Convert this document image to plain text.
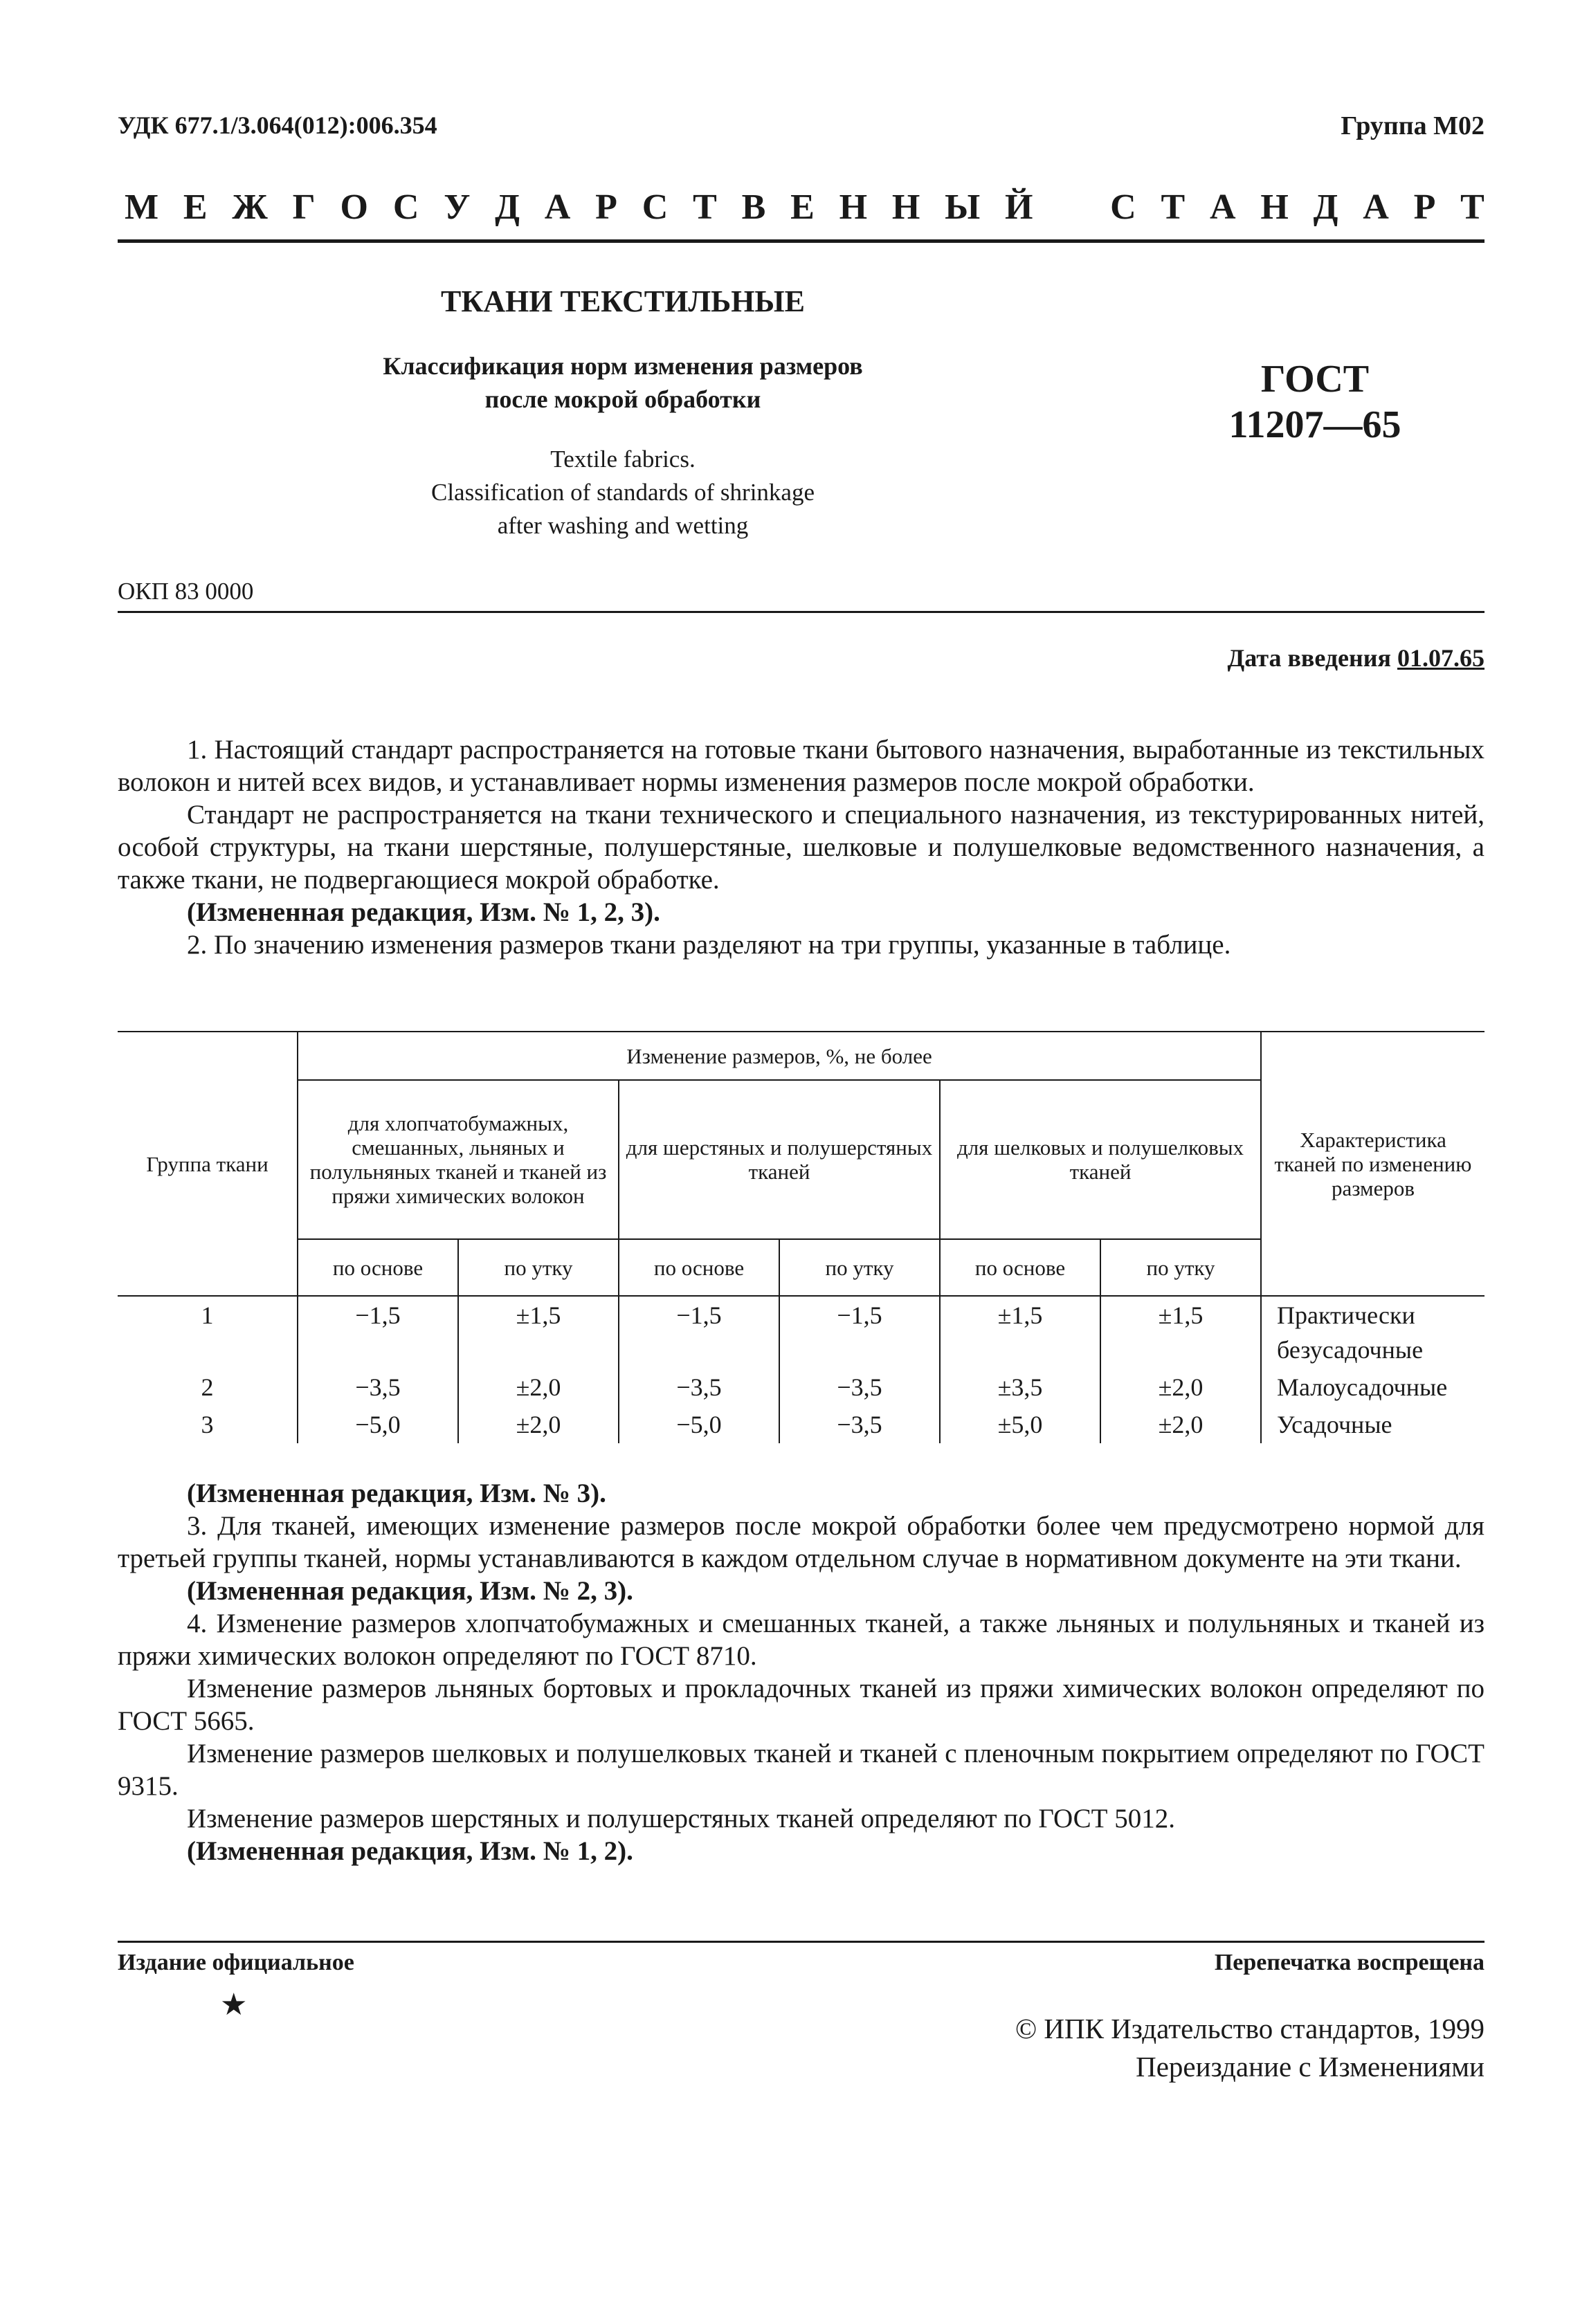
УДК 677.1/3.064(012):006.354	Группа М02
М Е Ж Г О С У Д А Р С Т В Е Н Н Ы Й С Т А Н Д А Р Т
ТКАНИ ТЕКСТИЛЬНЫЕ
Классификация норм изменения размеров
после мокрой обработки	ГОСТ
11207—65
Textile fabrics.
Classification of standards of shrinkage
after washing and wetting
ОКП 83 0000
Дата введения 01.07.65

1. Настоящий стандарт распространяется на готовые ткани бытового назначения, выработанные из текстильных волокон и нитей всех видов, и устанавливает нормы изменения размеров после мокрой обработки.

Стандарт не распространяется на ткани технического и специального назначения, из текстурированных нитей, особой структуры, на ткани шерстяные, полушерстяные, шелковые и полушелковые ведомственного назначения, а также ткани, не подвергающиеся мокрой обработке.

(Измененная редакция, Изм. № 1, 2, 3).

2. По значению изменения размеров ткани разделяют на три группы, указанные в таблице.

Группа ткани	Изменение размеров, %, не более						Характеристика тканей по изменению размеров
	для хлопчатобумажных, смешанных, льняных и полульняных тканей и тканей из пряжи химических волокон		для шерстяных и полушерстяных тканей		для шелковых и полушелковых тканей		
	по основе	по утку	по основе	по утку	по основе	по утку	
1	−1,5	±1,5	−1,5	−1,5	±1,5	±1,5	Практически безусадочные
2	−3,5	±2,0	−3,5	−3,5	±3,5	±2,0	Малоусадочные
3	−5,0	±2,0	−5,0	−3,5	±5,0	±2,0	Усадочные

(Измененная редакция, Изм. № 3).

3. Для тканей, имеющих изменение размеров после мокрой обработки более чем предусмотрено нормой для третьей группы тканей, нормы устанавливаются в каждом отдельном случае в нормативном документе на эти ткани.

(Измененная редакция, Изм. № 2, 3).

4. Изменение размеров хлопчатобумажных и смешанных тканей, а также льняных и полульняных и тканей из пряжи химических волокон определяют по ГОСТ 8710.

Изменение размеров льняных бортовых и прокладочных тканей из пряжи химических волокон определяют по ГОСТ 5665.

Изменение размеров шелковых и полушелковых тканей и тканей с пленочным покрытием определяют по ГОСТ 9315.

Изменение размеров шерстяных и полушерстяных тканей определяют по ГОСТ 5012.

(Измененная редакция, Изм. № 1, 2).

Издание официальное	Перепечатка воспрещена
★
© ИПК Издательство стандартов, 1999
Переиздание с Изменениями
